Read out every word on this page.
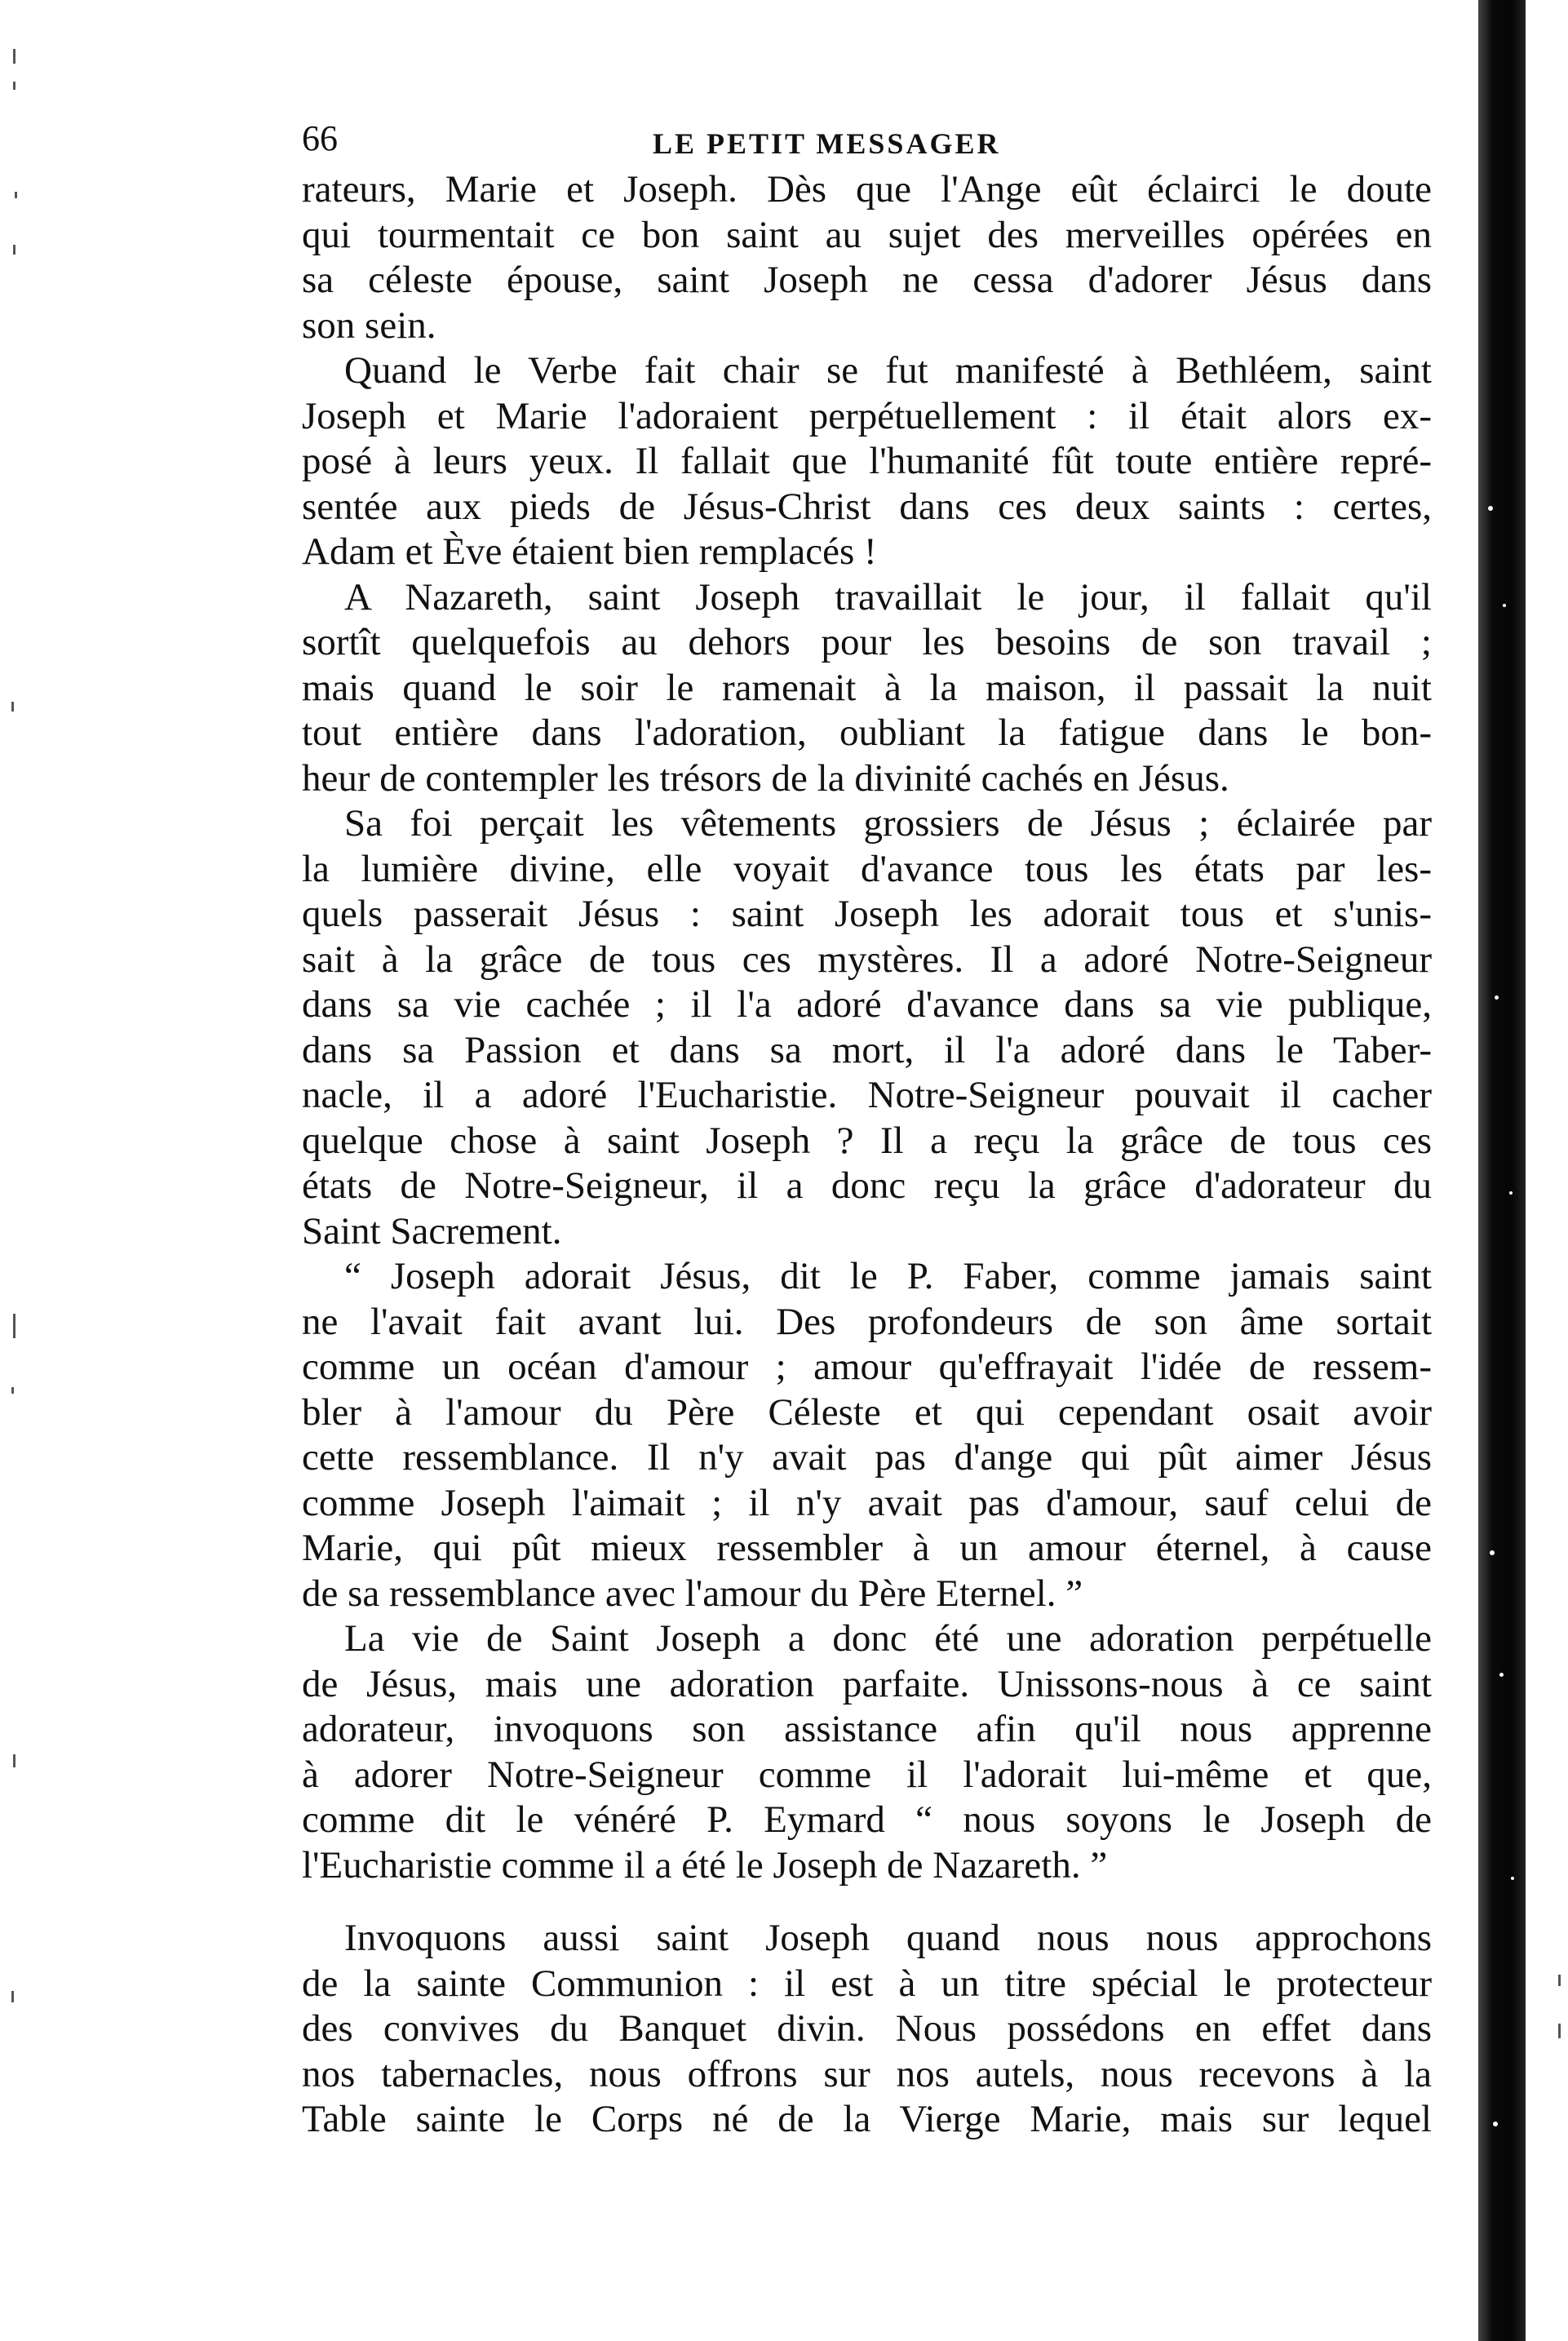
66	LE PETIT MESSAGER
rateurs, Marie et Joseph. Dès que l'Ange eût éclairci le doute
qui tourmentait ce bon saint au sujet des merveilles opérées en
sa céleste épouse, saint Joseph ne cessa d'adorer Jésus dans
son sein.
Quand le Verbe fait chair se fut manifesté à Bethléem, saint
Joseph et Marie l'adoraient perpétuellement : il était alors ex-
posé à leurs yeux. Il fallait que l'humanité fût toute entière repré-
sentée aux pieds de Jésus-Christ dans ces deux saints : certes,
Adam et Ève étaient bien remplacés !
A Nazareth, saint Joseph travaillait le jour, il fallait qu'il
sortît quelquefois au dehors pour les besoins de son travail ;
mais quand le soir le ramenait à la maison, il passait la nuit
tout entière dans l'adoration, oubliant la fatigue dans le bon-
heur de contempler les trésors de la divinité cachés en Jésus.
Sa foi perçait les vêtements grossiers de Jésus ; éclairée par
la lumière divine, elle voyait d'avance tous les états par les-
quels passerait Jésus : saint Joseph les adorait tous et s'unis-
sait à la grâce de tous ces mystères. Il a adoré Notre-Seigneur
dans sa vie cachée ; il l'a adoré d'avance dans sa vie publique,
dans sa Passion et dans sa mort, il l'a adoré dans le Taber-
nacle, il a adoré l'Eucharistie. Notre-Seigneur pouvait il cacher
quelque chose à saint Joseph ? Il a reçu la grâce de tous ces
états de Notre-Seigneur, il a donc reçu la grâce d'adorateur du
Saint Sacrement.
“ Joseph adorait Jésus, dit le P. Faber, comme jamais saint
ne l'avait fait avant lui. Des profondeurs de son âme sortait
comme un océan d'amour ; amour qu'effrayait l'idée de ressem-
bler à l'amour du Père Céleste et qui cependant osait avoir
cette ressemblance. Il n'y avait pas d'ange qui pût aimer Jésus
comme Joseph l'aimait ; il n'y avait pas d'amour, sauf celui de
Marie, qui pût mieux ressembler à un amour éternel, à cause
de sa ressemblance avec l'amour du Père Eternel. ”
La vie de Saint Joseph a donc été une adoration perpétuelle
de Jésus, mais une adoration parfaite. Unissons-nous à ce saint
adorateur, invoquons son assistance afin qu'il nous apprenne
à adorer Notre-Seigneur comme il l'adorait lui-même et que,
comme dit le vénéré P. Eymard “ nous soyons le Joseph de
l'Eucharistie comme il a été le Joseph de Nazareth. ”
Invoquons aussi saint Joseph quand nous nous approchons
de la sainte Communion : il est à un titre spécial le protecteur
des convives du Banquet divin. Nous possédons en effet dans
nos tabernacles, nous offrons sur nos autels, nous recevons à la
Table sainte le Corps né de la Vierge Marie, mais sur lequel
